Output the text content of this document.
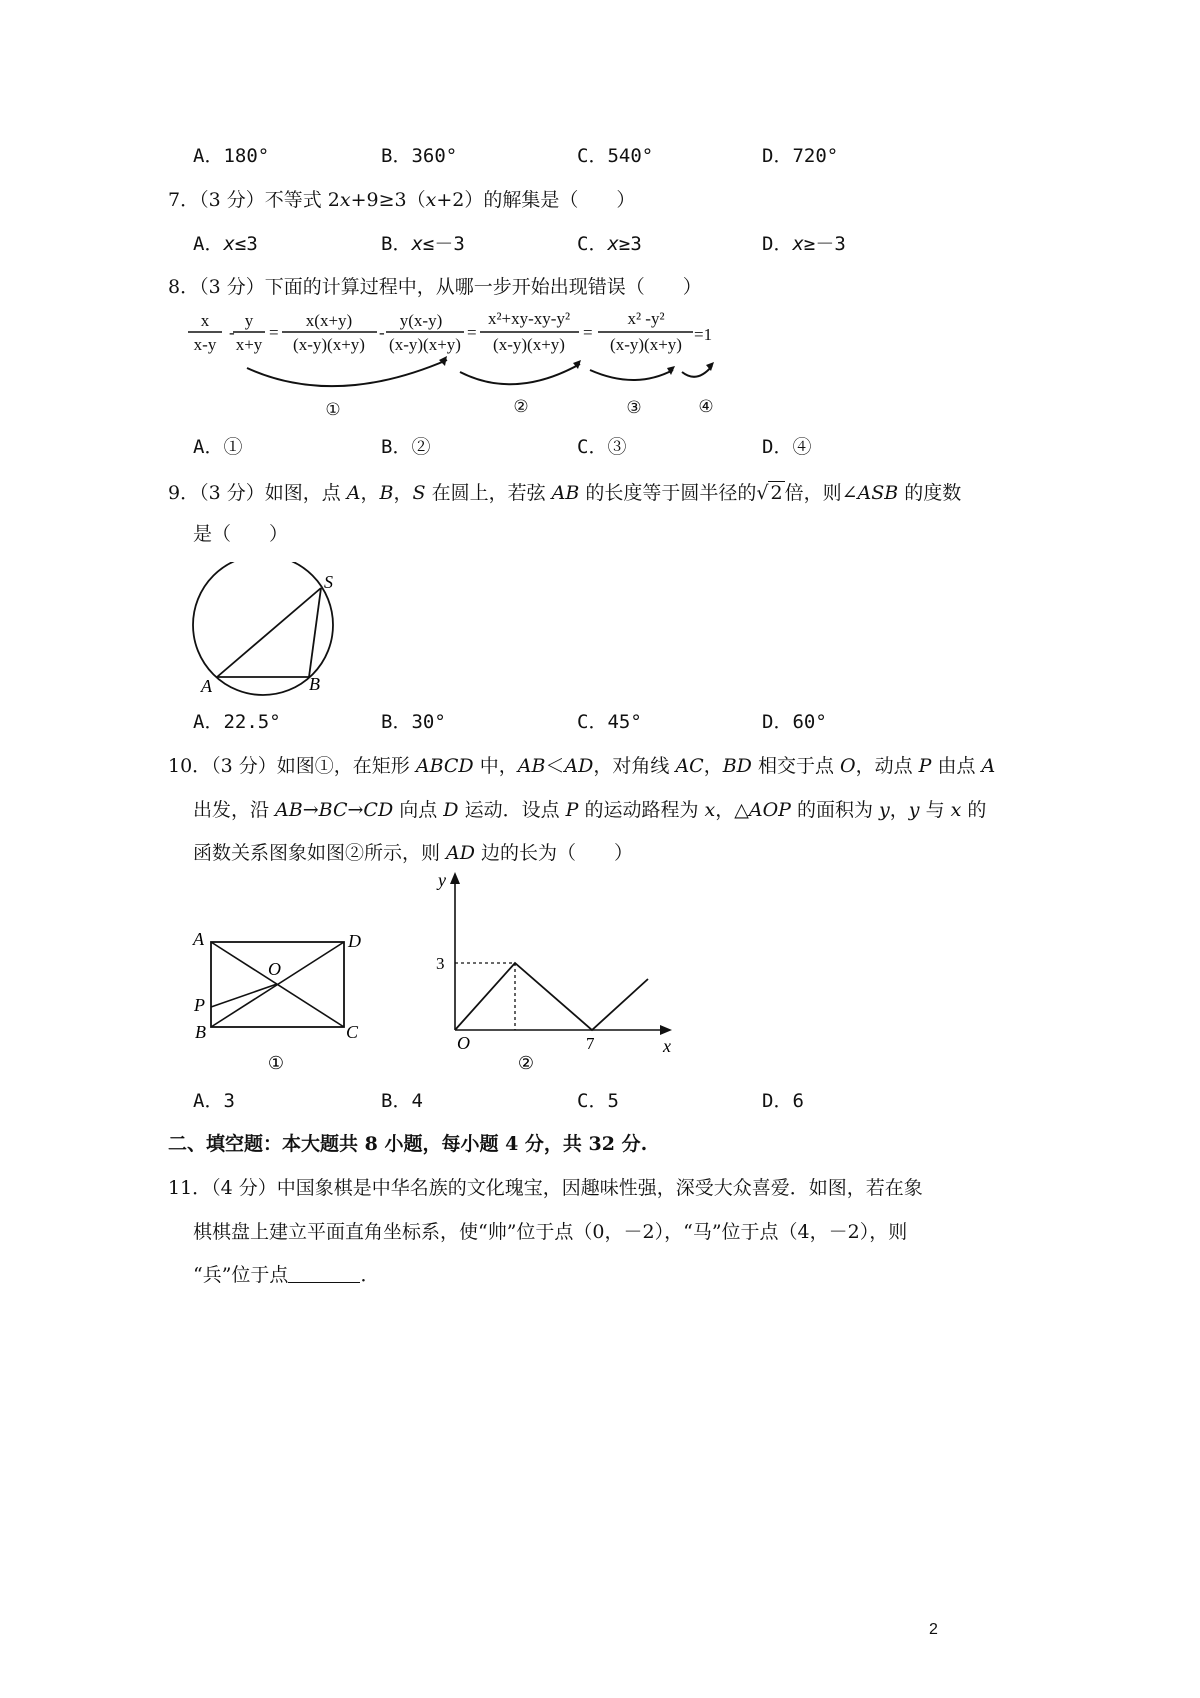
A．180°	B．360°	C．540°	D．720°
7．（3 分）不等式 2x+9≥3（x+2）的解集是（　　）
A．x≤3	B．x≤－3	C．x≥3	D．x≥－3
8．（3 分）下面的计算过程中，从哪一步开始出现错误（　　）
x
x-y
-
y
x+y
=
x(x+y)
(x-y)(x+y)
-
y(x-y)
(x-y)(x+y)
=
x²+xy-xy-y²
(x-y)(x+y)
=
x² -y²
(x-y)(x+y)
=1
①	②	③	④
A．①	B．②	C．③	D．④
9．（3 分）如图，点 A，B，S 在圆上，若弦 AB 的长度等于圆半径的√ 2 倍，则∠ASB 的度数
是（　　）
S
A	B
A．22.5°	B．30°	C．45°	D．60°
10．（3 分）如图①，在矩形 ABCD 中，AB＜AD，对角线 AC，BD 相交于点 O，动点 P 由点 A
出发，沿 AB→BC→CD 向点 D 运动．设点 P 的运动路程为 x，△AOP 的面积为 y，y 与 x 的
函数关系图象如图②所示，则 AD 边的长为（　　）
A	D
O
P
B	C
①
y
3
O	7	x
②
A．3	B．4	C．5	D．6
二、填空题：本大题共 8 小题，每小题 4 分，共 32 分.
11．（4 分）中国象棋是中华名族的文化瑰宝，因趣味性强，深受大众喜爱．如图，若在象
棋棋盘上建立平面直角坐标系，使“帅”位于点（0，－2），“马”位于点（4，－2），则
“兵”位于点	．
2
